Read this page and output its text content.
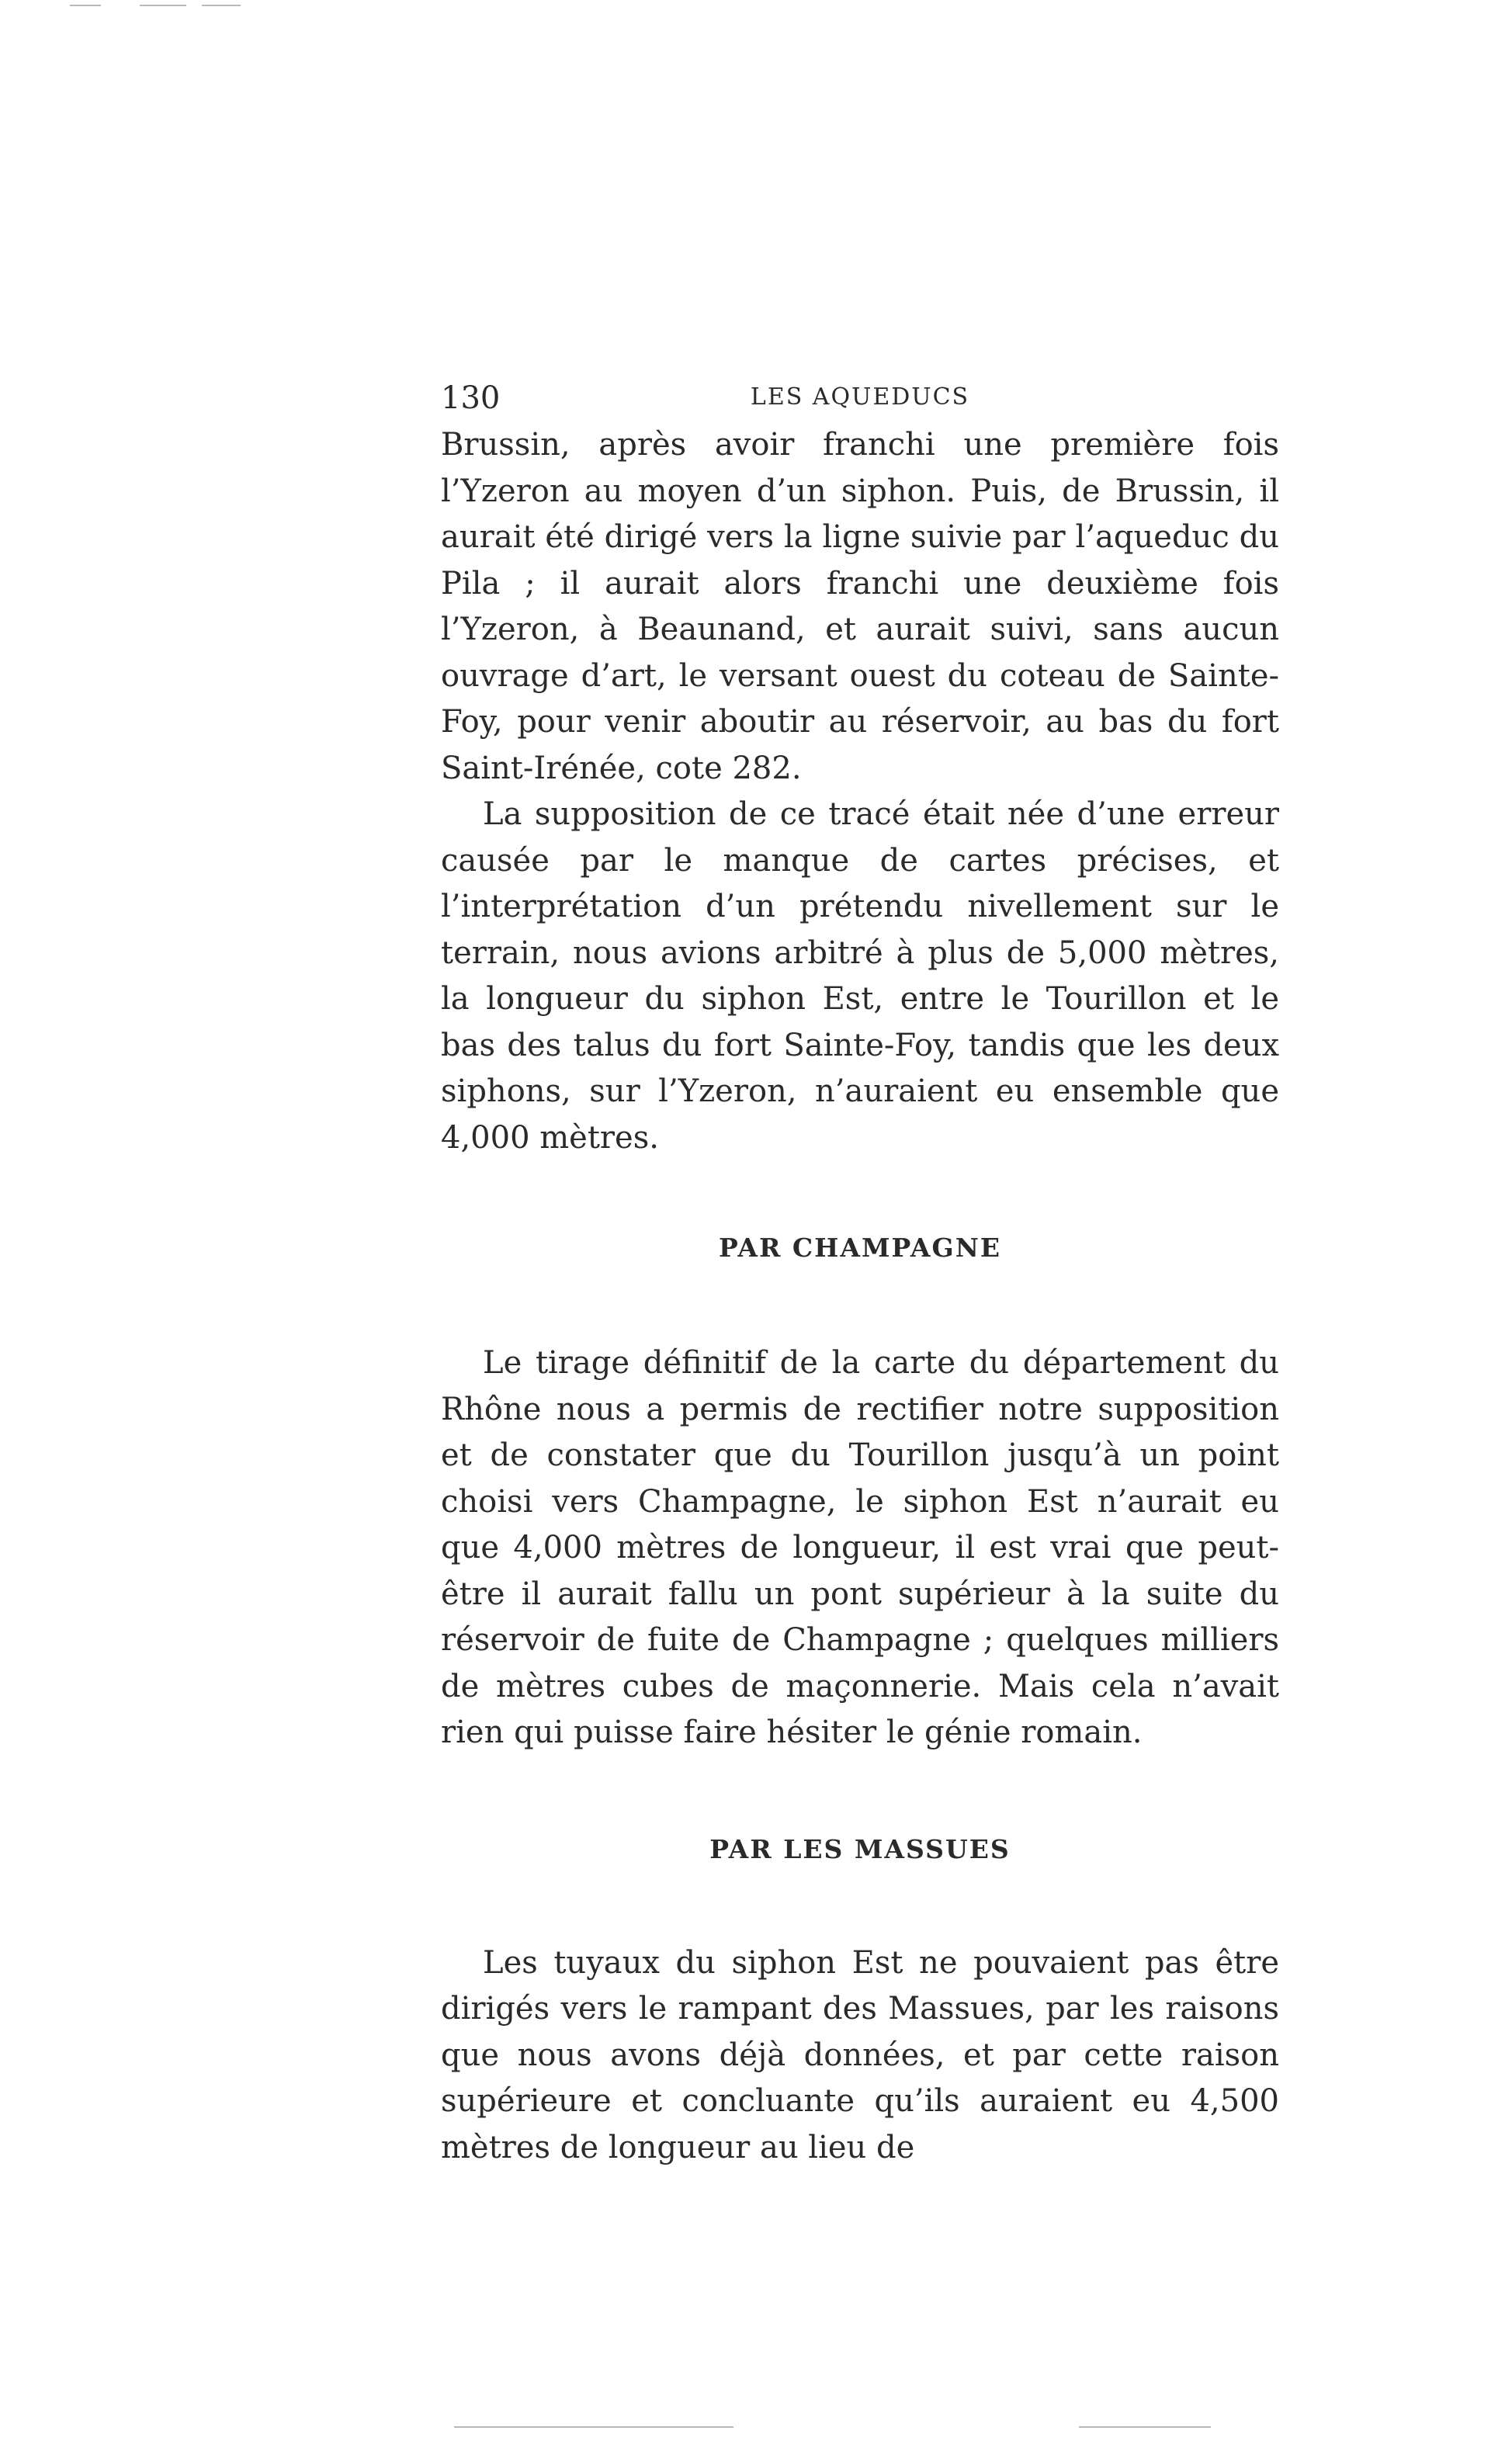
130	LES AQUEDUCS

Brussin, après avoir franchi une première fois l’Yzeron au moyen d’un siphon. Puis, de Brussin, il aurait été dirigé vers la ligne suivie par l’aqueduc du Pila ; il aurait alors franchi une deuxième fois l’Yzeron, à Beaunand, et aurait suivi, sans aucun ouvrage d’art, le versant ouest du coteau de Sainte-Foy, pour venir aboutir au réservoir, au bas du fort Saint-Irénée, cote 282.

La supposition de ce tracé était née d’une erreur causée par le manque de cartes précises, et l’interprétation d’un prétendu nivellement sur le terrain, nous avions arbitré à plus de 5,000 mètres, la longueur du siphon Est, entre le Tourillon et le bas des talus du fort Sainte-Foy, tandis que les deux siphons, sur l’Yzeron, n’auraient eu ensemble que 4,000 mètres.

PAR CHAMPAGNE

Le tirage définitif de la carte du département du Rhône nous a permis de rectifier notre supposition et de constater que du Tourillon jusqu’à un point choisi vers Champagne, le siphon Est n’aurait eu que 4,000 mètres de longueur, il est vrai que peut-être il aurait fallu un pont supérieur à la suite du réservoir de fuite de Champagne ; quelques milliers de mètres cubes de maçonnerie. Mais cela n’avait rien qui puisse faire hésiter le génie romain.

PAR LES MASSUES

Les tuyaux du siphon Est ne pouvaient pas être dirigés vers le rampant des Massues, par les raisons que nous avons déjà données, et par cette raison supérieure et concluante qu’ils auraient eu 4,500 mètres de longueur au lieu de
